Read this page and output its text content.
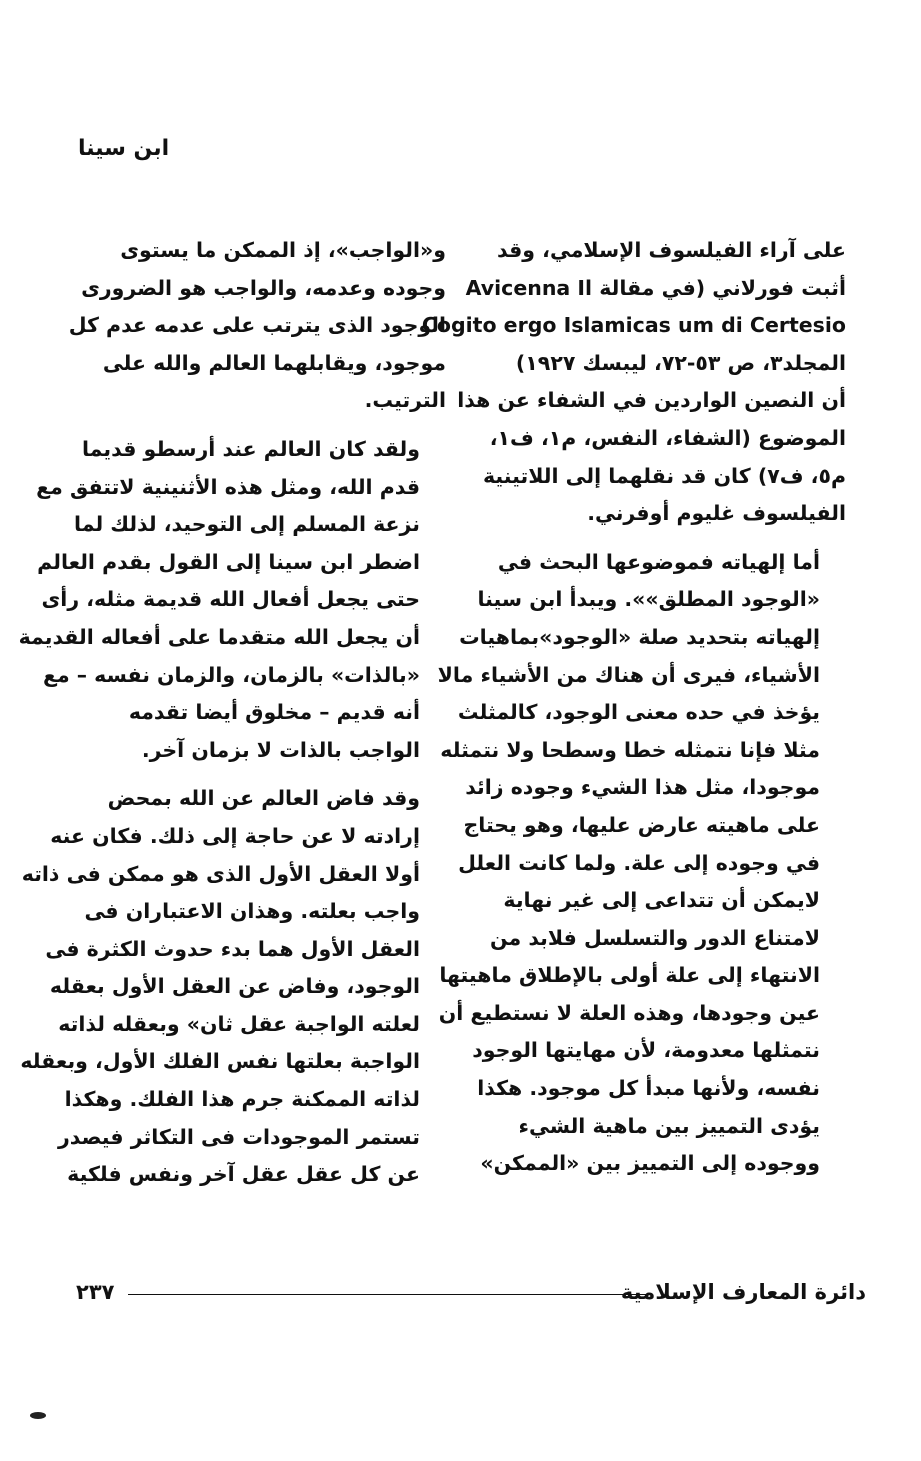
ابن سينا

على آراء الفيلسوف الإسلامي، وقد
أثبت فورلاني (في مقالة Avicenna Il
Cogito ergo Islamicas um di Certesio
المجلد٣، ص ٥٣-٧٢، ليبسك ١٩٢٧)
أن النصين الواردين في الشفاء عن هذا
الموضوع (الشفاء، النفس، م١، ف١،
م٥، ف٧) كان قد نقلهما إلى اللاتينية
الفيلسوف غليوم أوفرني.

أما إلهياته فموضوعها البحث في
«الوجود المطلق»». ويبدأ ابن سينا
إلهياته بتحديد صلة «الوجود»بماهيات
الأشياء، فيرى أن هناك من الأشياء مالا
يؤخذ في حده معنى الوجود، كالمثلث
مثلا فإنا نتمثله خطا وسطحا ولا نتمثله
موجودا، مثل هذا الشيء وجوده زائد
على ماهيته عارض عليها، وهو يحتاج
في وجوده إلى علة. ولما كانت العلل
لايمكن أن تتداعى إلى غير نهاية
لامتناع الدور والتسلسل فلابد من
الانتهاء إلى علة أولى بالإطلاق ماهيتها
عين وجودها، وهذه العلة لا نستطيع أن
نتمثلها معدومة، لأن مهايتها الوجود
نفسه، ولأنها مبدأ كل موجود. هكذا
يؤدى التمييز بين ماهية الشيء
ووجوده إلى التمييز بين «الممكن»

و«الواجب»، إذ الممكن ما يستوى
وجوده وعدمه، والواجب هو الضرورى
الوجود الذى يترتب على عدمه عدم كل
موجود، ويقابلهما العالم والله على
الترتيب.

ولقد كان العالم عند أرسطو قديما
قدم الله، ومثل هذه الأثنينية لاتتفق مع
نزعة المسلم إلى التوحيد، لذلك لما
اضطر ابن سينا إلى القول بقدم العالم
حتى يجعل أفعال الله قديمة مثله، رأى
أن يجعل الله متقدما على أفعاله القديمة
«بالذات» بالزمان، والزمان نفسه – مع
أنه قديم – مخلوق أيضا تقدمه
الواجب بالذات لا بزمان آخر.

وقد فاض العالم عن الله بمحض
إرادته لا عن حاجة إلى ذلك. فكان عنه
أولا العقل الأول الذى هو ممكن فى ذاته
واجب بعلته. وهذان الاعتباران فى
العقل الأول هما بدء حدوث الكثرة فى
الوجود، وفاض عن العقل الأول بعقله
لعلته الواجبة عقل ثان» وبعقله لذاته
الواجبة بعلتها نفس الفلك الأول، وبعقله
لذاته الممكنة جرم هذا الفلك. وهكذا
تستمر الموجودات فى التكاثر فيصدر
عن كل عقل عقل آخر ونفس فلكية

دائرة المعارف الإسلامية
٢٣٧
